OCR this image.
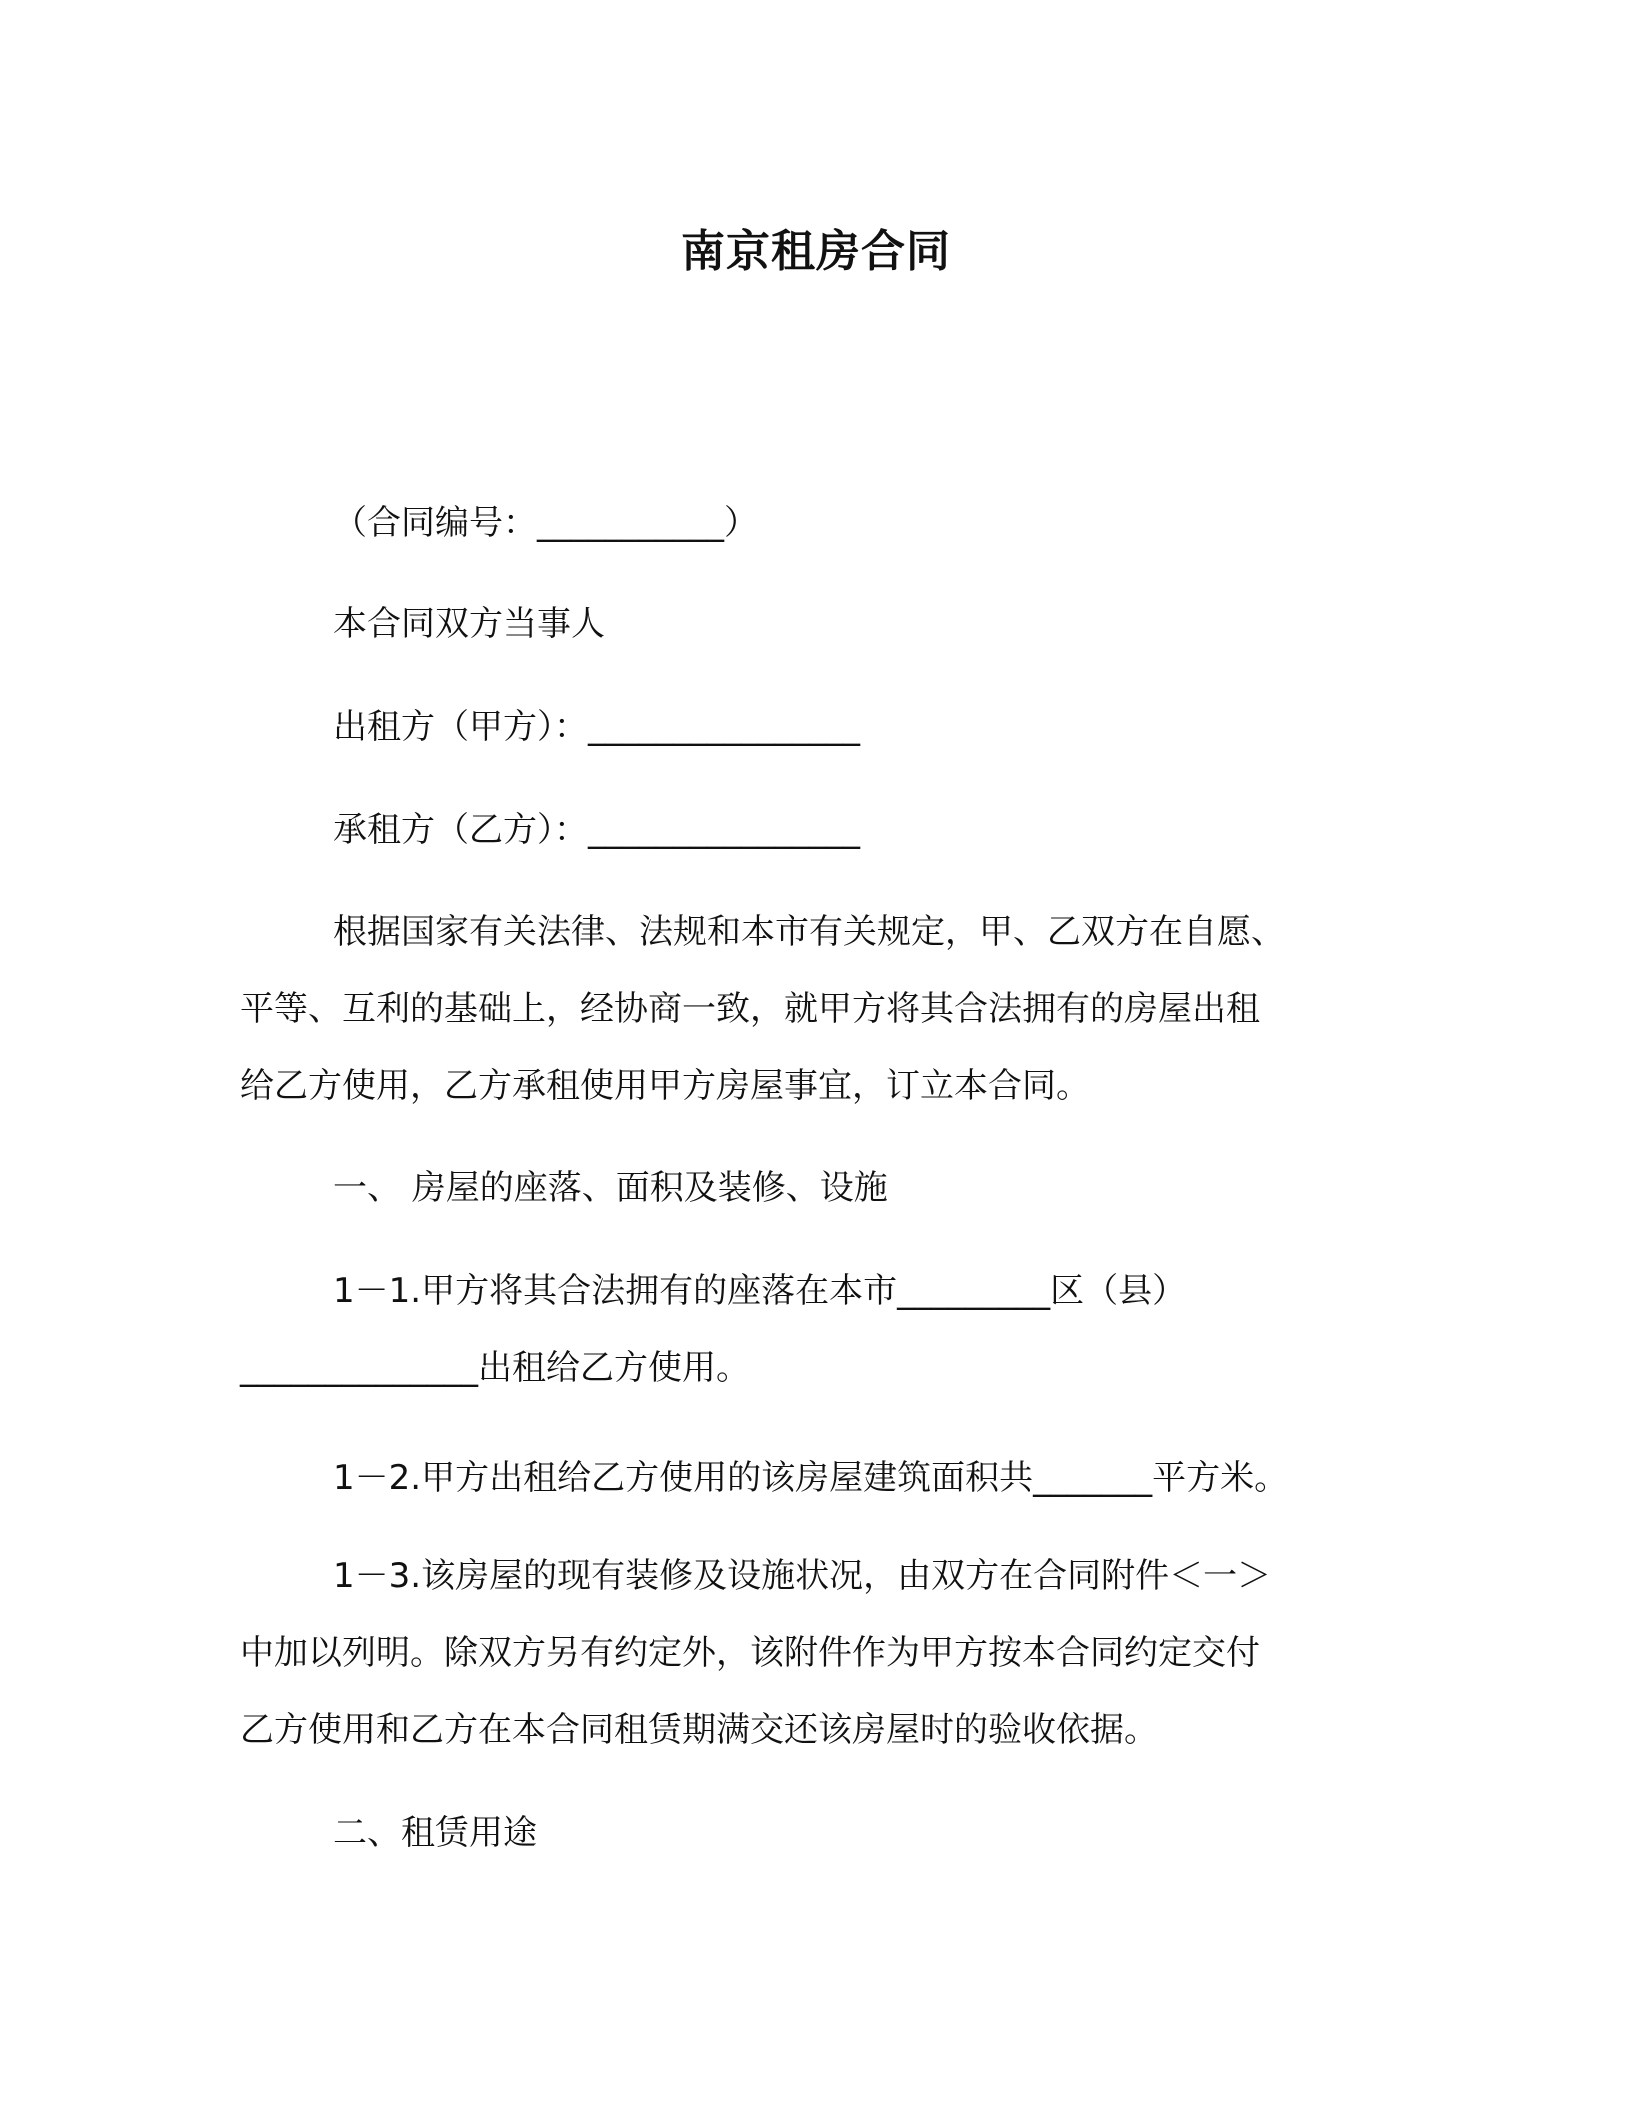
南京租房合同
（合同编号：___________）
本合同双方当事人
出租方（甲方）：________________
承租方（乙方）：________________
根据国家有关法律、法规和本市有关规定，甲、乙双方在自愿、
平等、互利的基础上，经协商一致，就甲方将其合法拥有的房屋出租
给乙方使用，乙方承租使用甲方房屋事宜，订立本合同。
一、 房屋的座落、面积及装修、设施
1－1.甲方将其合法拥有的座落在本市_________区（县）
______________出租给乙方使用。
1－2.甲方出租给乙方使用的该房屋建筑面积共_______平方米。
1－3.该房屋的现有装修及设施状况，由双方在合同附件＜一＞
中加以列明。除双方另有约定外，该附件作为甲方按本合同约定交付
乙方使用和乙方在本合同租赁期满交还该房屋时的验收依据。
二、租赁用途
